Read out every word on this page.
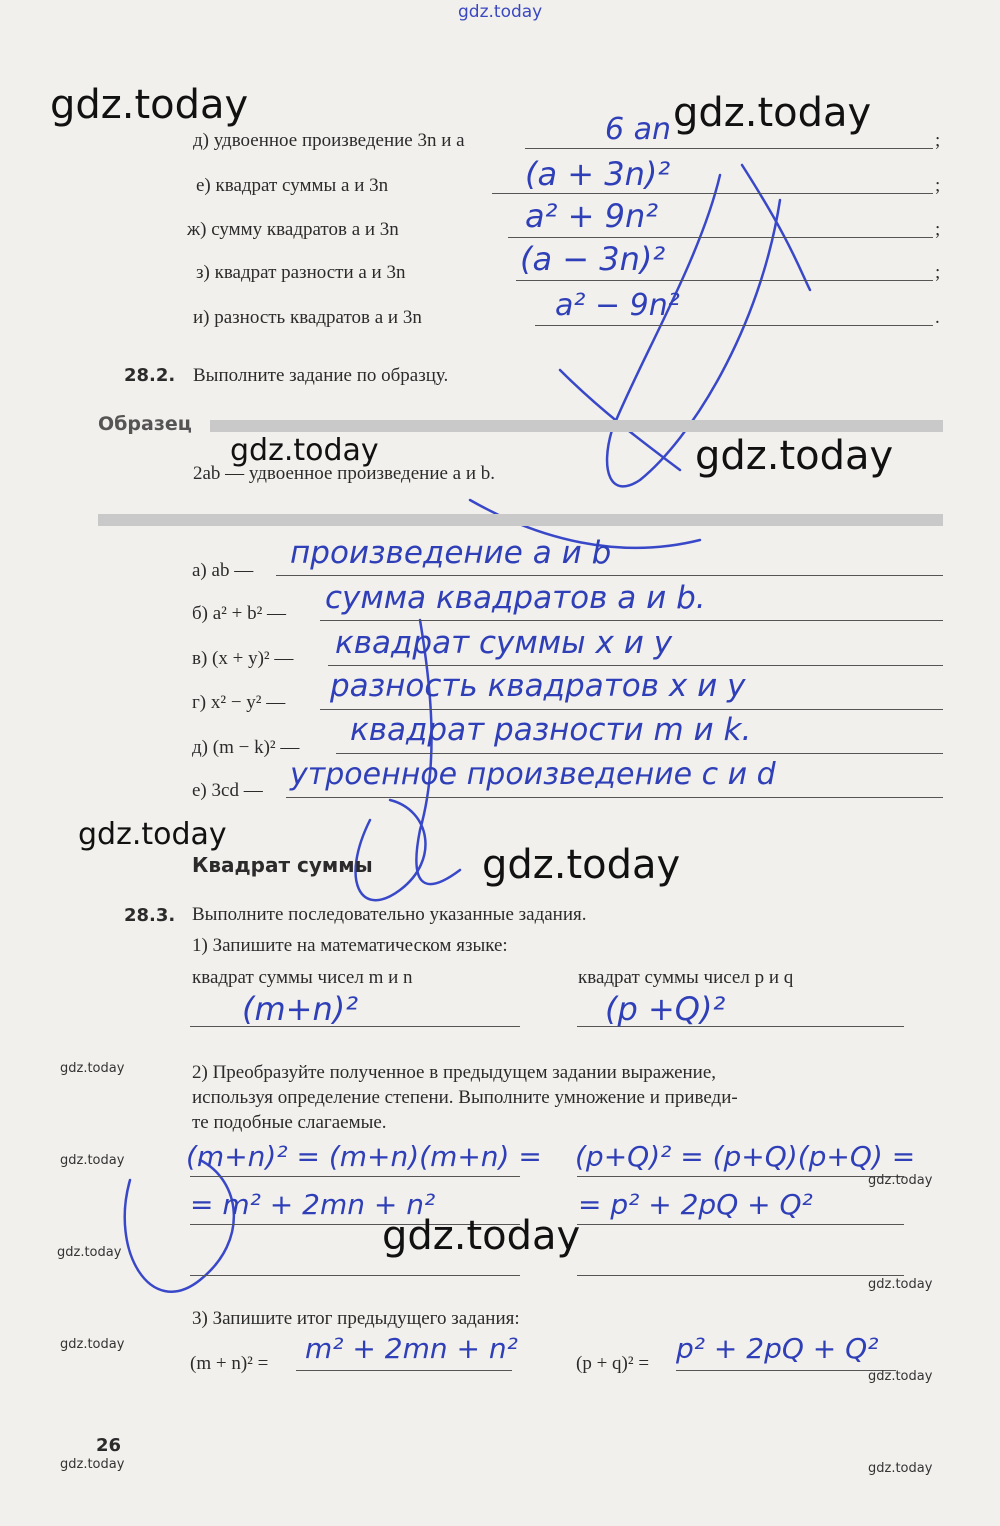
gdz.today
д) удвоенное произведение 3n и a	6 an	;
е) квадрат суммы a и 3n	(a + 3n)²	;
ж) сумму квадратов a и 3n	a² + 9n²	;
з) квадрат разности a и 3n	(a − 3n)²	;
и) разность квадратов a и 3n	a² − 9n²	.
28.2. Выполните задание по образцу.
Образец
2ab — удвоенное произведение a и b.
а) ab — произведение a и b
б) a² + b² — сумма квадратов a и b.
в) (x + y)² — квадрат суммы x и y
г) x² − y² — разность квадратов x и y
д) (m − k)² — квадрат разности m и k.
е) 3cd — утроенное произведение c и d
Квадрат суммы
28.3. Выполните последовательно указанные задания.
1) Запишите на математическом языке:
квадрат суммы чисел m и n	квадрат суммы чисел p и q
(m+n)²	(p +Q)²
2) Преобразуйте полученное в предыдущем задании выражение,
используя определение степени. Выполните умножение и приведи-
те подобные слагаемые.
(m+n)² = (m+n)(m+n) =
= m² + 2mn + n²
(p+Q)² = (p+Q)(p+Q) =
= p² + 2pQ + Q²
3) Запишите итог предыдущего задания:
(m + n)² = m² + 2mn + n²	(p + q)² = p² + 2pQ + Q²
26
gdz.today	gdz.today
gdz.today	gdz.today
gdz.today
gdz.today
gdz.today
gdz.today
gdz.today
gdz.today
gdz.today
gdz.today
gdz.today
gdz.today
gdz.today	gdz.today
